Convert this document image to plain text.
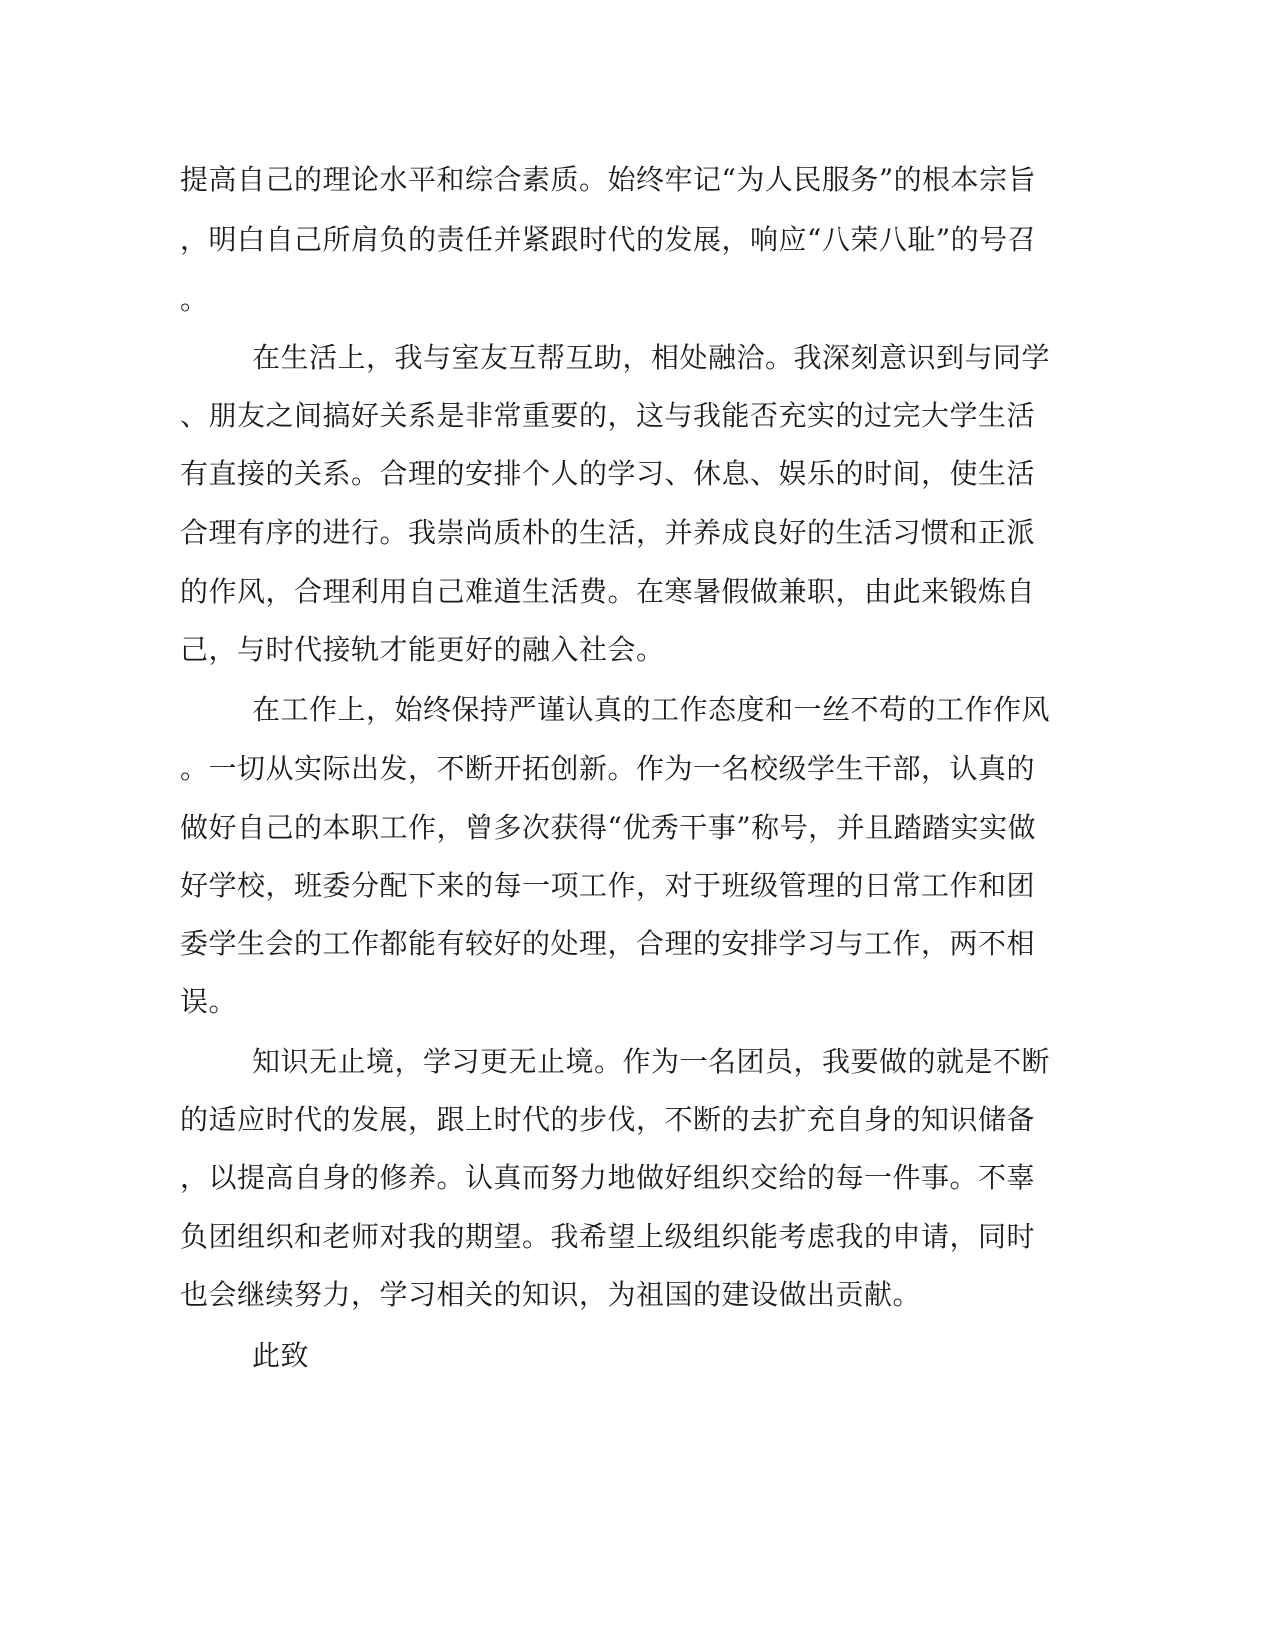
提高自己的理论水平和综合素质。始终牢记“为人民服务”的根本宗旨

，明白自己所肩负的责任并紧跟时代的发展，响应“八荣八耻”的号召

。

在生活上，我与室友互帮互助，相处融洽。我深刻意识到与同学

、朋友之间搞好关系是非常重要的，这与我能否充实的过完大学生活

有直接的关系。合理的安排个人的学习、休息、娱乐的时间，使生活

合理有序的进行。我崇尚质朴的生活，并养成良好的生活习惯和正派

的作风，合理利用自己难道生活费。在寒暑假做兼职，由此来锻炼自

己，与时代接轨才能更好的融入社会。

在工作上，始终保持严谨认真的工作态度和一丝不苟的工作作风

。一切从实际出发，不断开拓创新。作为一名校级学生干部，认真的

做好自己的本职工作，曾多次获得“优秀干事”称号，并且踏踏实实做

好学校，班委分配下来的每一项工作，对于班级管理的日常工作和团

委学生会的工作都能有较好的处理，合理的安排学习与工作，两不相

误。

知识无止境，学习更无止境。作为一名团员，我要做的就是不断

的适应时代的发展，跟上时代的步伐，不断的去扩充自身的知识储备

，以提高自身的修养。认真而努力地做好组织交给的每一件事。不辜

负团组织和老师对我的期望。我希望上级组织能考虑我的申请，同时

也会继续努力，学习相关的知识，为祖国的建设做出贡献。

此致
